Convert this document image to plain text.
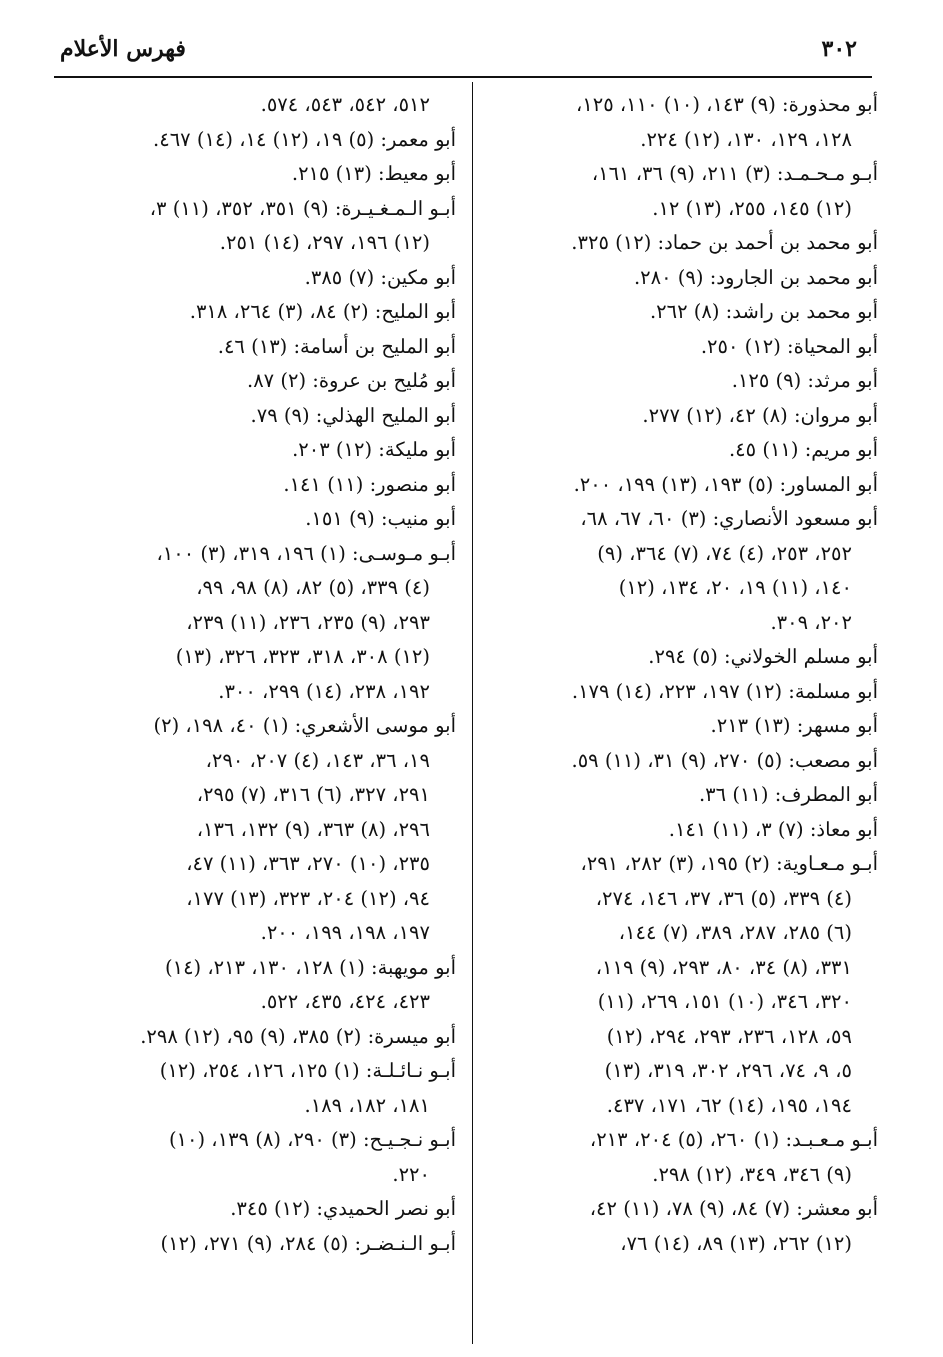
فهرس الأعلام	٣٠٢
أبو محذورة: (٩) ١٤٣، (١٠) ١١٠، ١٢٥،
١٢٨، ١٢٩، ١٣٠، (١٢) ٢٢٤.
أبـو مـحـمـد: (٣) ٢١١، (٩) ٣٦، ١٦١،
(١٢) ١٤٥، ٢٥٥، (١٣) ١٢.
أبو محمد بن أحمد بن حماد: (١٢) ٣٢٥.
أبو محمد بن الجارود: (٩) ٢٨٠.
أبو محمد بن راشد: (٨) ٢٦٢.
أبو المحياة: (١٢) ٢٥٠.
أبو مرثد: (٩) ١٢٥.
أبو مروان: (٨) ٤٢، (١٢) ٢٧٧.
أبو مريم: (١١) ٤٥.
أبو المساور: (٥) ١٩٣، (١٣) ١٩٩، ٢٠٠.
أبو مسعود الأنصاري: (٣) ٦٠، ٦٧، ٦٨،
٢٥٢، ٢٥٣، (٤) ٧٤، (٧) ٣٦٤، (٩)
١٤٠، (١١) ١٩، ٢٠، ١٣٤، (١٢)
٢٠٢، ٣٠٩.
أبو مسلم الخولاني: (٥) ٢٩٤.
أبو مسلمة: (١٢) ١٩٧، ٢٢٣، (١٤) ١٧٩.
أبو مسهر: (١٣) ٢١٣.
أبو مصعب: (٥) ٢٧٠، (٩) ٣١، (١١) ٥٩.
أبو المطرف: (١١) ٣٦.
أبو معاذ: (٧) ٣، (١١) ١٤١.
أبـو مـعـاوية: (٢) ١٩٥، (٣) ٢٨٢، ٢٩١،
(٤) ٣٣٩، (٥) ٣٦، ٣٧، ١٤٦، ٢٧٤،
(٦) ٢٨٥، ٢٨٧، ٣٨٩، (٧) ١٤٤،
٣٣١، (٨) ٣٤، ٨٠، ٢٩٣، (٩) ١١٩،
٣٢٠، ٣٤٦، (١٠) ١٥١، ٢٦٩، (١١)
٥٩، ١٢٨، ٢٣٦، ٢٩٣، ٢٩٤، (١٢)
٥، ٩، ٧٤، ٢٩٦، ٣٠٢، ٣١٩، (١٣)
١٩٤، ١٩٥، (١٤) ٦٢، ١٧١، ٤٣٧.
أبـو مـعـبـد: (١) ٢٦٠، (٥) ٢٠٤، ٢١٣،
(٩) ٣٤٦، ٣٤٩، (١٢) ٢٩٨.
أبو معشر: (٧) ٨٤، (٩) ٧٨، (١١) ٤٢،
(١٢) ٢٦٢، (١٣) ٨٩، (١٤) ٧٦،
٥١٢، ٥٤٢، ٥٤٣، ٥٧٤.
أبو معمر: (٥) ١٩، (١٢) ١٤، (١٤) ٤٦٧.
أبو معيط: (١٣) ٢١٥.
أبـو الـمـغـيـرة: (٩) ٣٥١، ٣٥٢، (١١) ٣،
(١٢) ١٩٦، ٢٩٧، (١٤) ٢٥١.
أبو مكين: (٧) ٣٨٥.
أبو المليح: (٢) ٨٤، (٣) ٢٦٤، ٣١٨.
أبو المليح بن أسامة: (١٣) ٤٦.
أبو مُليح بن عروة: (٢) ٨٧.
أبو المليح الهذلي: (٩) ٧٩.
أبو مليكة: (١٢) ٢٠٣.
أبو منصور: (١١) ١٤١.
أبو منيب: (٩) ١٥١.
أبـو مـوسـى: (١) ١٩٦، ٣١٩، (٣) ١٠٠،
(٤) ٣٣٩، (٥) ٨٢، (٨) ٩٨، ٩٩،
٢٩٣، (٩) ٢٣٥، ٢٣٦، (١١) ٢٣٩،
(١٢) ٣٠٨، ٣١٨، ٣٢٣، ٣٢٦، (١٣)
١٩٢، ٢٣٨، (١٤) ٢٩٩، ٣٠٠.
أبو موسى الأشعري: (١) ٤٠، ١٩٨، (٢)
١٩، ٣٦، ١٤٣، (٤) ٢٠٧، ٢٩٠،
٢٩١، ٣٢٧، (٦) ٣١٦، (٧) ٢٩٥،
٢٩٦، (٨) ٣٦٣، (٩) ١٣٢، ١٣٦،
٢٣٥، (١٠) ٢٧٠، ٣٦٣، (١١) ٤٧،
٩٤، (١٢) ٢٠٤، ٣٢٣، (١٣) ١٧٧،
١٩٧، ١٩٨، ١٩٩، ٢٠٠.
أبو مويهبة: (١) ١٢٨، ١٣٠، ٢١٣، (١٤)
٤٢٣، ٤٢٤، ٤٣٥، ٥٢٢.
أبو ميسرة: (٢) ٣٨٥، (٩) ٩٥، (١٢) ٢٩٨.
أبـو نـائـلـة: (١) ١٢٥، ١٢٦، ٢٥٤، (١٢)
١٨١، ١٨٢، ١٨٩.
أبـو نـجـيـح: (٣) ٢٩٠، (٨) ١٣٩، (١٠)
٢٢٠.
أبو نصر الحميدي: (١٢) ٣٤٥.
أبـو الـنـضـر: (٥) ٢٨٤، (٩) ٢٧١، (١٢)
